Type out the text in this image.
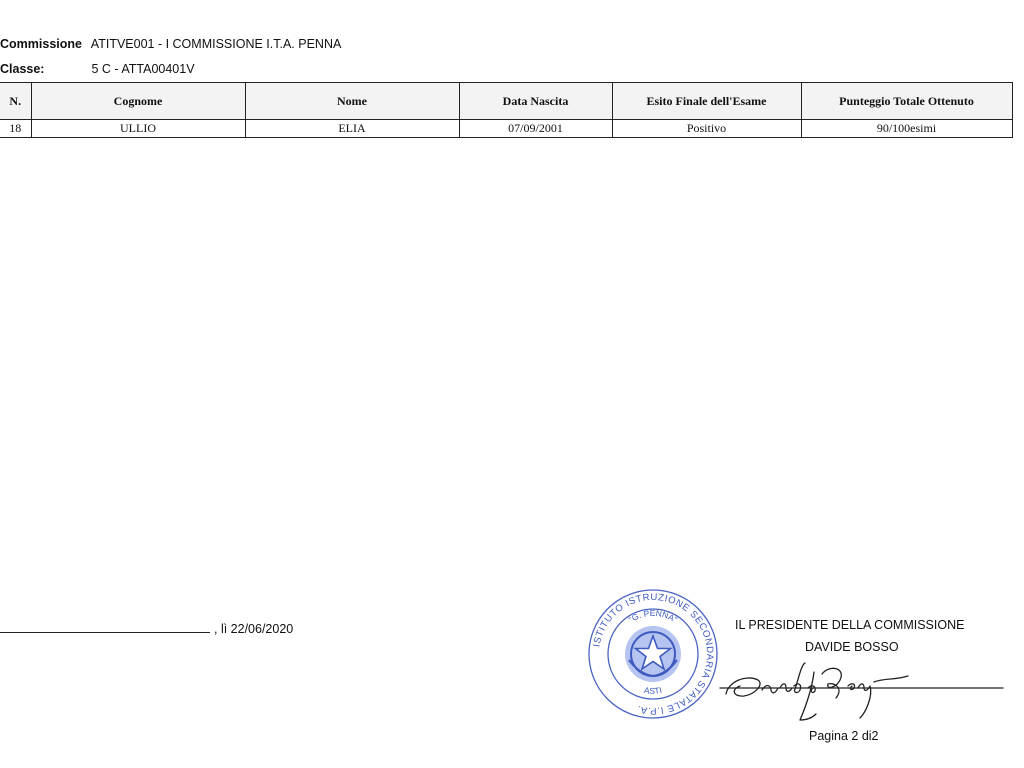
Commissione ATITVE001 - I COMMISSIONE I.T.A. PENNA
Classe:	5 C - ATTA00401V
N.	Cognome	Nome	Data Nascita	Esito Finale dell'Esame	Punteggio Totale Ottenuto
18	ULLIO	ELIA	07/09/2001	Positivo	90/100esimi
, lì 22/06/2020
ISTITUTO ISTRUZIONE SECONDARIA STATALE I.P.A.
"G. PENNA"
ASTI
IL PRESIDENTE DELLA COMMISSIONE
DAVIDE BOSSO
Pagina 2 di2
